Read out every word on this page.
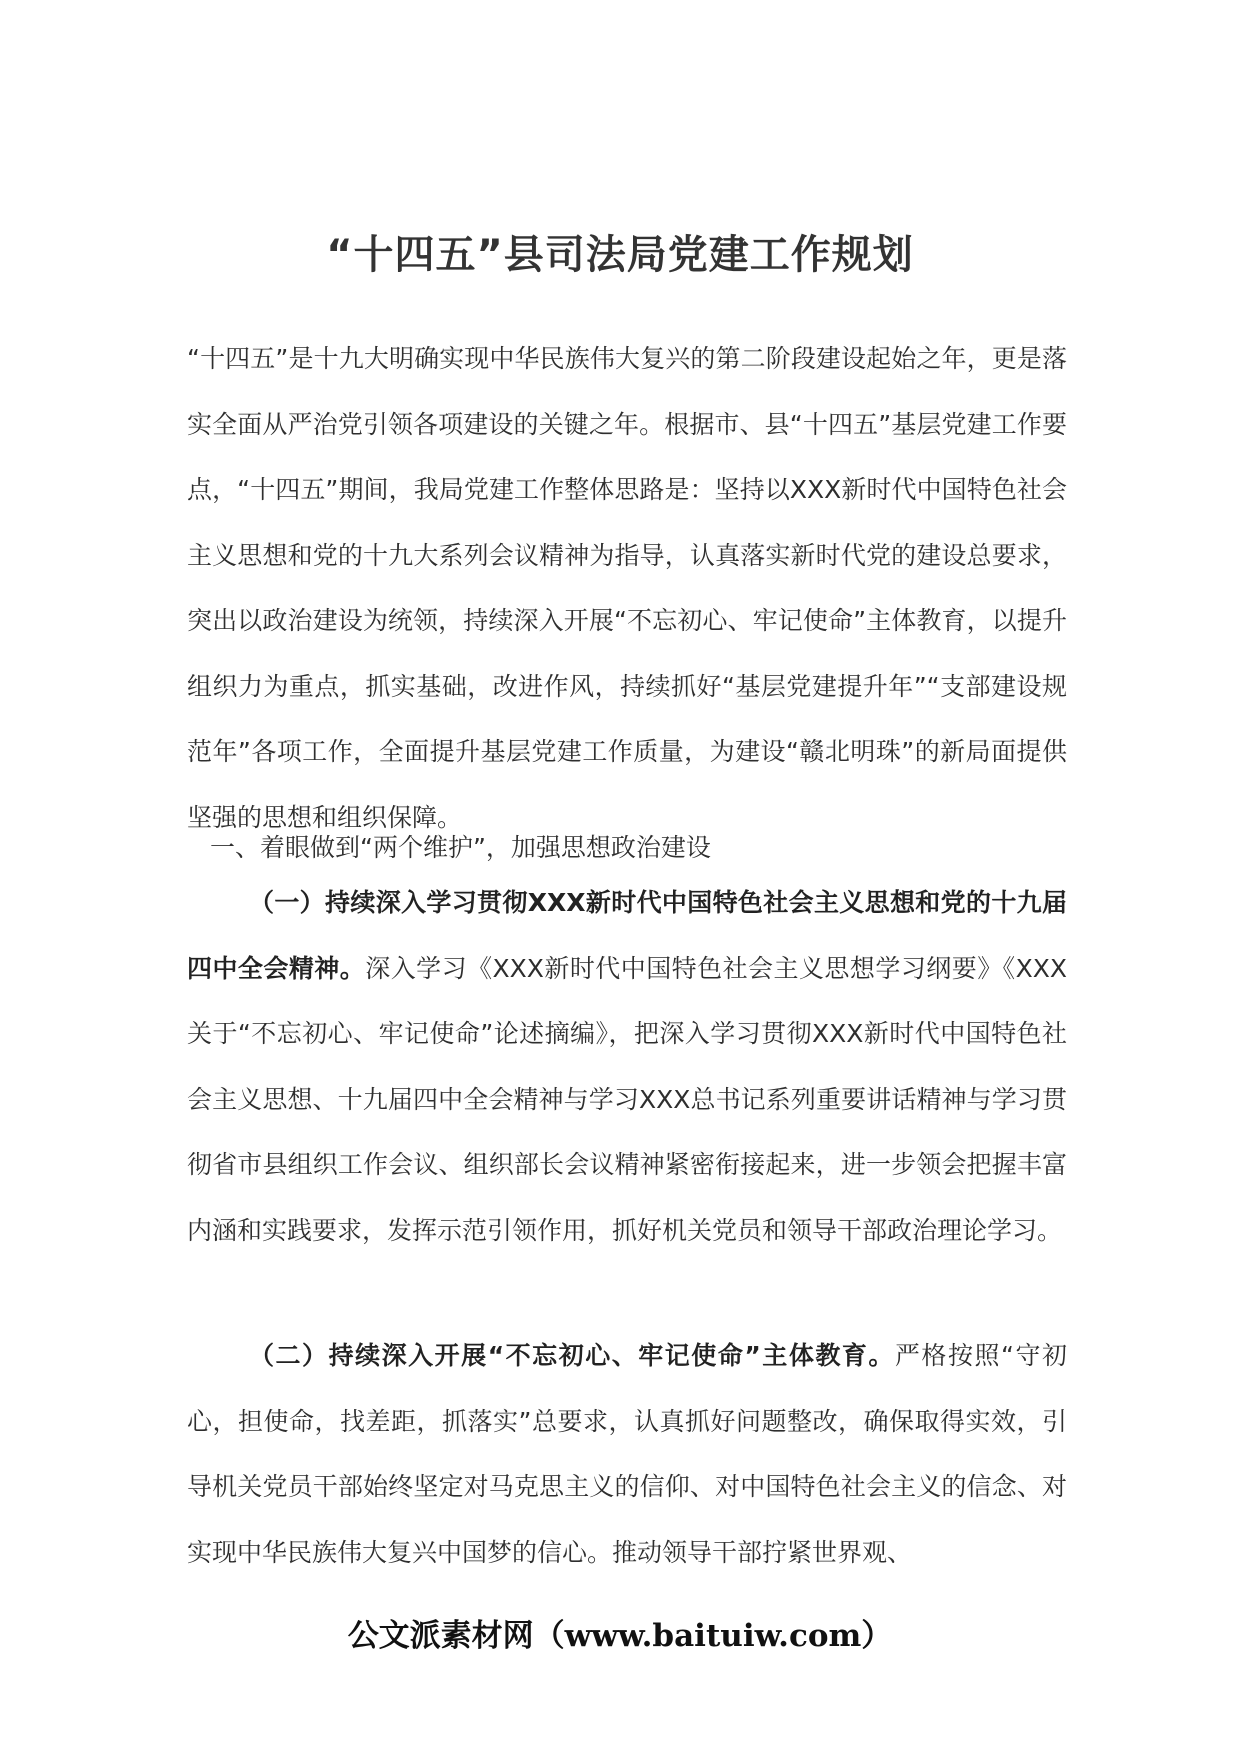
“十四五”县司法局党建工作规划

“十四五”是十九大明确实现中华民族伟大复兴的第二阶段建设起始之年，更是落实全面从严治党引领各项建设的关键之年。根据市、县“十四五”基层党建工作要点，“十四五”期间，我局党建工作整体思路是：坚持以XXX新时代中国特色社会主义思想和党的十九大系列会议精神为指导，认真落实新时代党的建设总要求，突出以政治建设为统领，持续深入开展“不忘初心、牢记使命”主体教育，以提升组织力为重点，抓实基础，改进作风，持续抓好“基层党建提升年”“支部建设规范年”各项工作，全面提升基层党建工作质量，为建设“赣北明珠”的新局面提供坚强的思想和组织保障。

一、着眼做到“两个维护”，加强思想政治建设

（一）持续深入学习贯彻XXX新时代中国特色社会主义思想和党的十九届四中全会精神。深入学习《XXX新时代中国特色社会主义思想学习纲要》《XXX关于“不忘初心、牢记使命”论述摘编》，把深入学习贯彻XXX新时代中国特色社会主义思想、十九届四中全会精神与学习XXX总书记系列重要讲话精神与学习贯彻省市县组织工作会议、组织部长会议精神紧密衔接起来，进一步领会把握丰富内涵和实践要求，发挥示范引领作用，抓好机关党员和领导干部政治理论学习。

（二）持续深入开展“不忘初心、牢记使命”主体教育。严格按照“守初心，担使命，找差距，抓落实”总要求，认真抓好问题整改，确保取得实效，引导机关党员干部始终坚定对马克思主义的信仰、对中国特色社会主义的信念、对实现中华民族伟大复兴中国梦的信心。推动领导干部拧紧世界观、

公文派素材网（www.baituiw.com）
